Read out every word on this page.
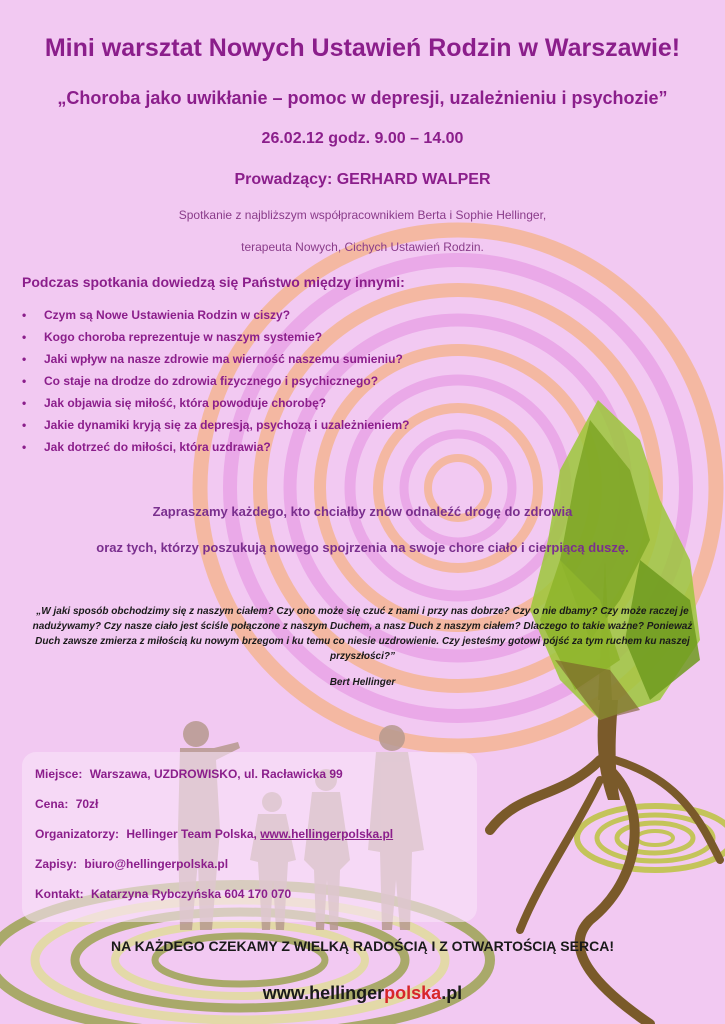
Mini warsztat Nowych Ustawień Rodzin w Warszawie!
„Choroba jako uwikłanie – pomoc w depresji, uzależnieniu i psychozie”
26.02.12 godz. 9.00 – 14.00
Prowadzący: GERHARD WALPER
Spotkanie z najbliższym współpracownikiem Berta i Sophie Hellinger,
terapeuta Nowych, Cichych Ustawień Rodzin.
Podczas spotkania dowiedzą się Państwo między innymi:
• Czym są Nowe Ustawienia Rodzin w ciszy?
• Kogo choroba reprezentuje w naszym systemie?
• Jaki wpływ na nasze zdrowie ma wierność naszemu sumieniu?
• Co staje na drodze do zdrowia fizycznego i psychicznego?
• Jak objawia się miłość, która powoduje chorobę?
• Jakie dynamiki kryją się za depresją, psychozą i uzależnieniem?
• Jak dotrzeć do miłości, która uzdrawia?
Zapraszamy każdego, kto chciałby znów odnaleźć drogę do zdrowia
oraz tych, którzy poszukują nowego spojrzenia na swoje chore ciało i cierpiącą duszę.
„W jaki sposób obchodzimy się z naszym ciałem? Czy ono może się czuć z nami i przy nas dobrze? Czy o nie dbamy? Czy może raczej je nadużywamy? Czy nasze ciało jest ściśle połączone z naszym Duchem, a nasz Duch z naszym ciałem? Dlaczego to takie ważne? Ponieważ Duch zawsze zmierza z miłością ku nowym brzegom i ku temu co niesie uzdrowienie. Czy jesteśmy gotowi pójść za tym ruchem ku naszej przyszłości?”
Bert Hellinger
Miejsce: Warszawa, UZDROWISKO, ul. Racławicka 99
Cena: 70zł
Organizatorzy: Hellinger Team Polska, www.hellingerpolska.pl
Zapisy: biuro@hellingerpolska.pl
Kontakt: Katarzyna Rybczyńska 604 170 070
NA KAŻDEGO CZEKAMY Z WIELKĄ RADOŚCIĄ I Z OTWARTOŚCIĄ SERCA!
www.hellingerpolska.pl
